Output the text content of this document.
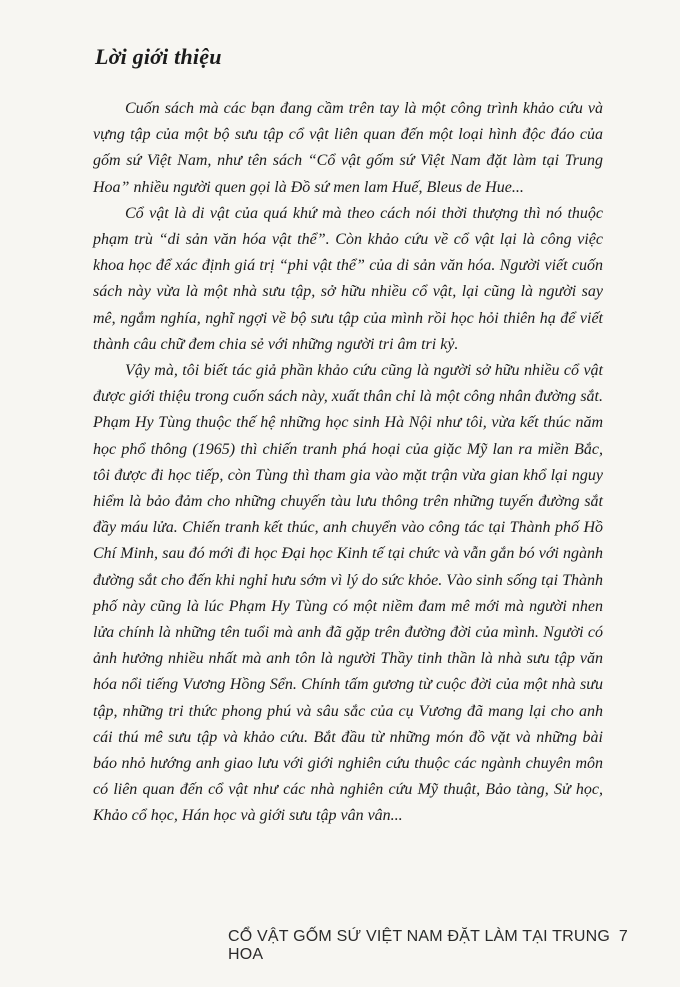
Lời giới thiệu

Cuốn sách mà các bạn đang cầm trên tay là một công trình khảo cứu và vựng tập của một bộ sưu tập cổ vật liên quan đến một loại hình độc đáo của gốm sứ Việt Nam, như tên sách “Cổ vật gốm sứ Việt Nam đặt làm tại Trung Hoa” nhiều người quen gọi là Đồ sứ men lam Huế, Bleus de Hue...

Cổ vật là di vật của quá khứ mà theo cách nói thời thượng thì nó thuộc phạm trù “di sản văn hóa vật thể”. Còn khảo cứu về cổ vật lại là công việc khoa học để xác định giá trị “phi vật thể” của di sản văn hóa. Người viết cuốn sách này vừa là một nhà sưu tập, sở hữu nhiều cổ vật, lại cũng là người say mê, ngắm nghía, nghĩ ngợi về bộ sưu tập của mình rồi học hỏi thiên hạ để viết thành câu chữ đem chia sẻ với những người tri âm tri kỷ.

Vậy mà, tôi biết tác giả phần khảo cứu cũng là người sở hữu nhiều cổ vật được giới thiệu trong cuốn sách này, xuất thân chỉ là một công nhân đường sắt. Phạm Hy Tùng thuộc thế hệ những học sinh Hà Nội như tôi, vừa kết thúc năm học phổ thông (1965) thì chiến tranh phá hoại của giặc Mỹ lan ra miền Bắc, tôi được đi học tiếp, còn Tùng thì tham gia vào mặt trận vừa gian khổ lại nguy hiểm là bảo đảm cho những chuyến tàu lưu thông trên những tuyến đường sắt đầy máu lửa. Chiến tranh kết thúc, anh chuyển vào công tác tại Thành phố Hồ Chí Minh, sau đó mới đi học Đại học Kinh tế tại chức và vẫn gắn bó với ngành đường sắt cho đến khi nghỉ hưu sớm vì lý do sức khỏe. Vào sinh sống tại Thành phố này cũng là lúc Phạm Hy Tùng có một niềm đam mê mới mà người nhen lửa chính là những tên tuổi mà anh đã gặp trên đường đời của mình. Người có ảnh hưởng nhiều nhất mà anh tôn là người Thầy tinh thần là nhà sưu tập văn hóa nổi tiếng Vương Hồng Sển. Chính tấm gương từ cuộc đời của một nhà sưu tập, những tri thức phong phú và sâu sắc của cụ Vương đã mang lại cho anh cái thú mê sưu tập và khảo cứu. Bắt đầu từ những món đồ vặt và những bài báo nhỏ hướng anh giao lưu với giới nghiên cứu thuộc các ngành chuyên môn có liên quan đến cổ vật như các nhà nghiên cứu Mỹ thuật, Bảo tàng, Sử học, Khảo cổ học, Hán học và giới sưu tập vân vân...

CỔ VẬT GỐM SỨ VIỆT NAM ĐẶT LÀM TẠI TRUNG HOA
7
